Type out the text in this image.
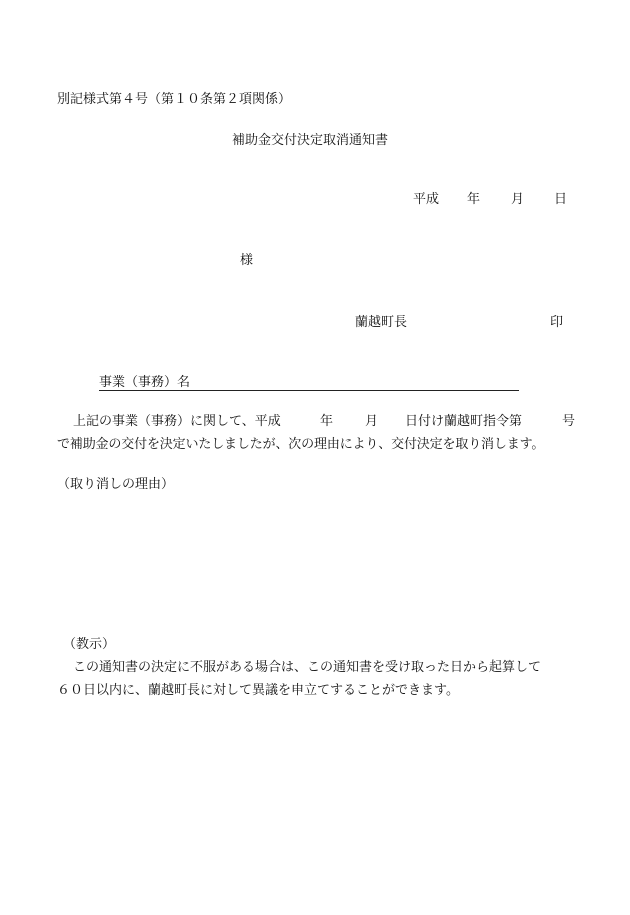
別記様式第４号（第１０条第２項関係）
補助金交付決定取消通知書
平成 年 月 日
様
蘭越町長	印
事業（事務）名
上記の事業（事務）に関して、平成	年 月 日付け蘭越町指令第	号
で補助金の交付を決定いたしましたが、次の理由により、交付決定を取り消します。
（取り消しの理由）
（教示）
この通知書の決定に不服がある場合は、この通知書を受け取った日から起算して
６０日以内に、蘭越町長に対して異議を申立てすることができます。
